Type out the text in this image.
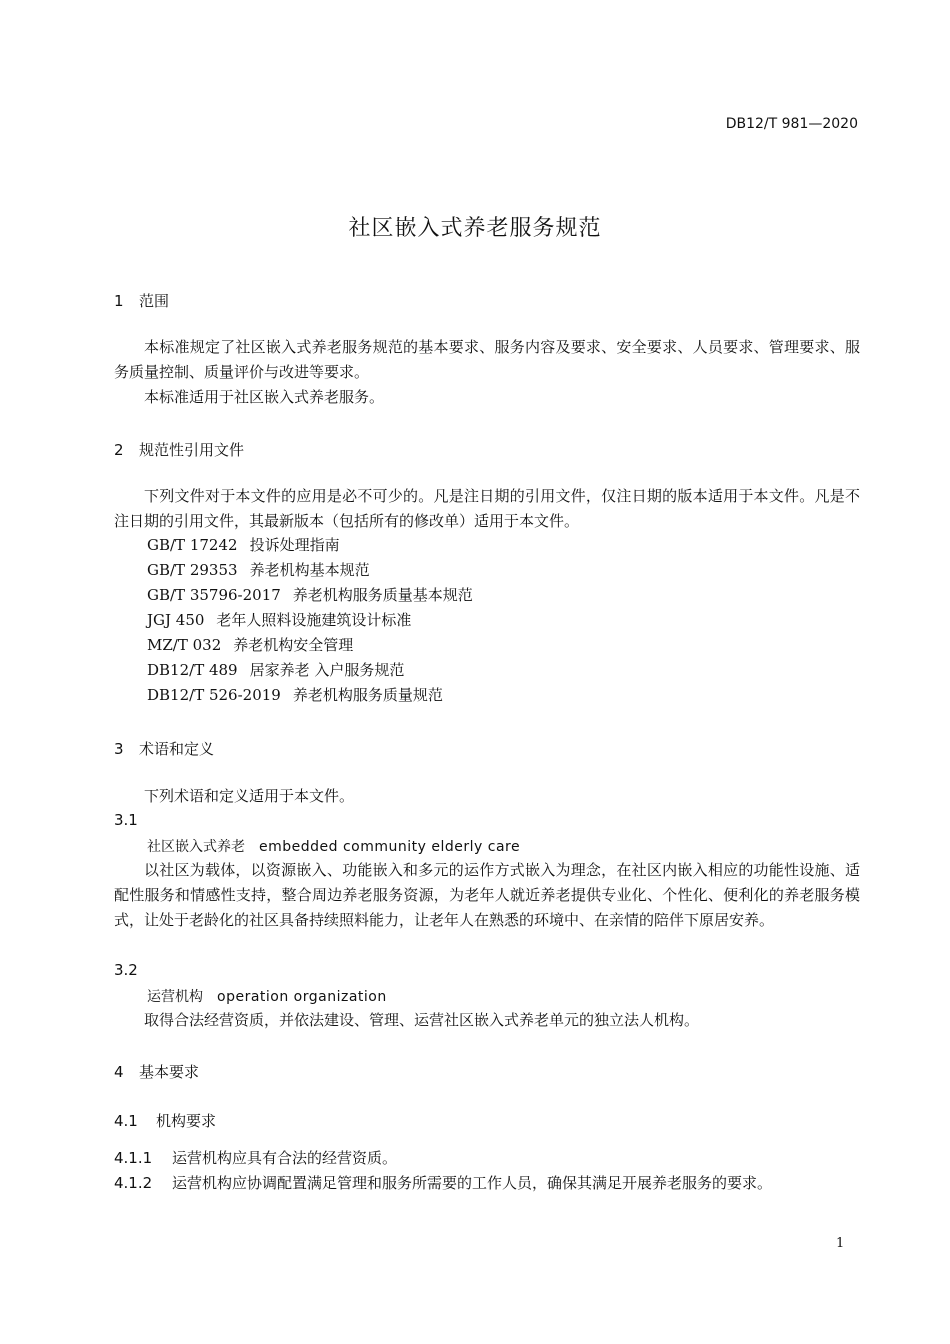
DB12/T 981—2020
社区嵌入式养老服务规范
1 范围
本标准规定了社区嵌入式养老服务规范的基本要求、服务内容及要求、安全要求、人员要求、管理要求、服务质量控制、质量评价与改进等要求。
本标准适用于社区嵌入式养老服务。
2 规范性引用文件
下列文件对于本文件的应用是必不可少的。凡是注日期的引用文件，仅注日期的版本适用于本文件。凡是不注日期的引用文件，其最新版本（包括所有的修改单）适用于本文件。
GB/T 17242 投诉处理指南
GB/T 29353 养老机构基本规范
GB/T 35796-2017 养老机构服务质量基本规范
JGJ 450 老年人照料设施建筑设计标准
MZ/T 032 养老机构安全管理
DB12/T 489 居家养老 入户服务规范
DB12/T 526-2019 养老机构服务质量规范
3 术语和定义
下列术语和定义适用于本文件。
3.1
社区嵌入式养老 embedded community elderly care
以社区为载体，以资源嵌入、功能嵌入和多元的运作方式嵌入为理念，在社区内嵌入相应的功能性设施、适配性服务和情感性支持，整合周边养老服务资源，为老年人就近养老提供专业化、个性化、便利化的养老服务模式，让处于老龄化的社区具备持续照料能力，让老年人在熟悉的环境中、在亲情的陪伴下原居安养。
3.2
运营机构 operation organization
取得合法经营资质，并依法建设、管理、运营社区嵌入式养老单元的独立法人机构。
4 基本要求
4.1 机构要求
4.1.1 运营机构应具有合法的经营资质。
4.1.2 运营机构应协调配置满足管理和服务所需要的工作人员，确保其满足开展养老服务的要求。
1
